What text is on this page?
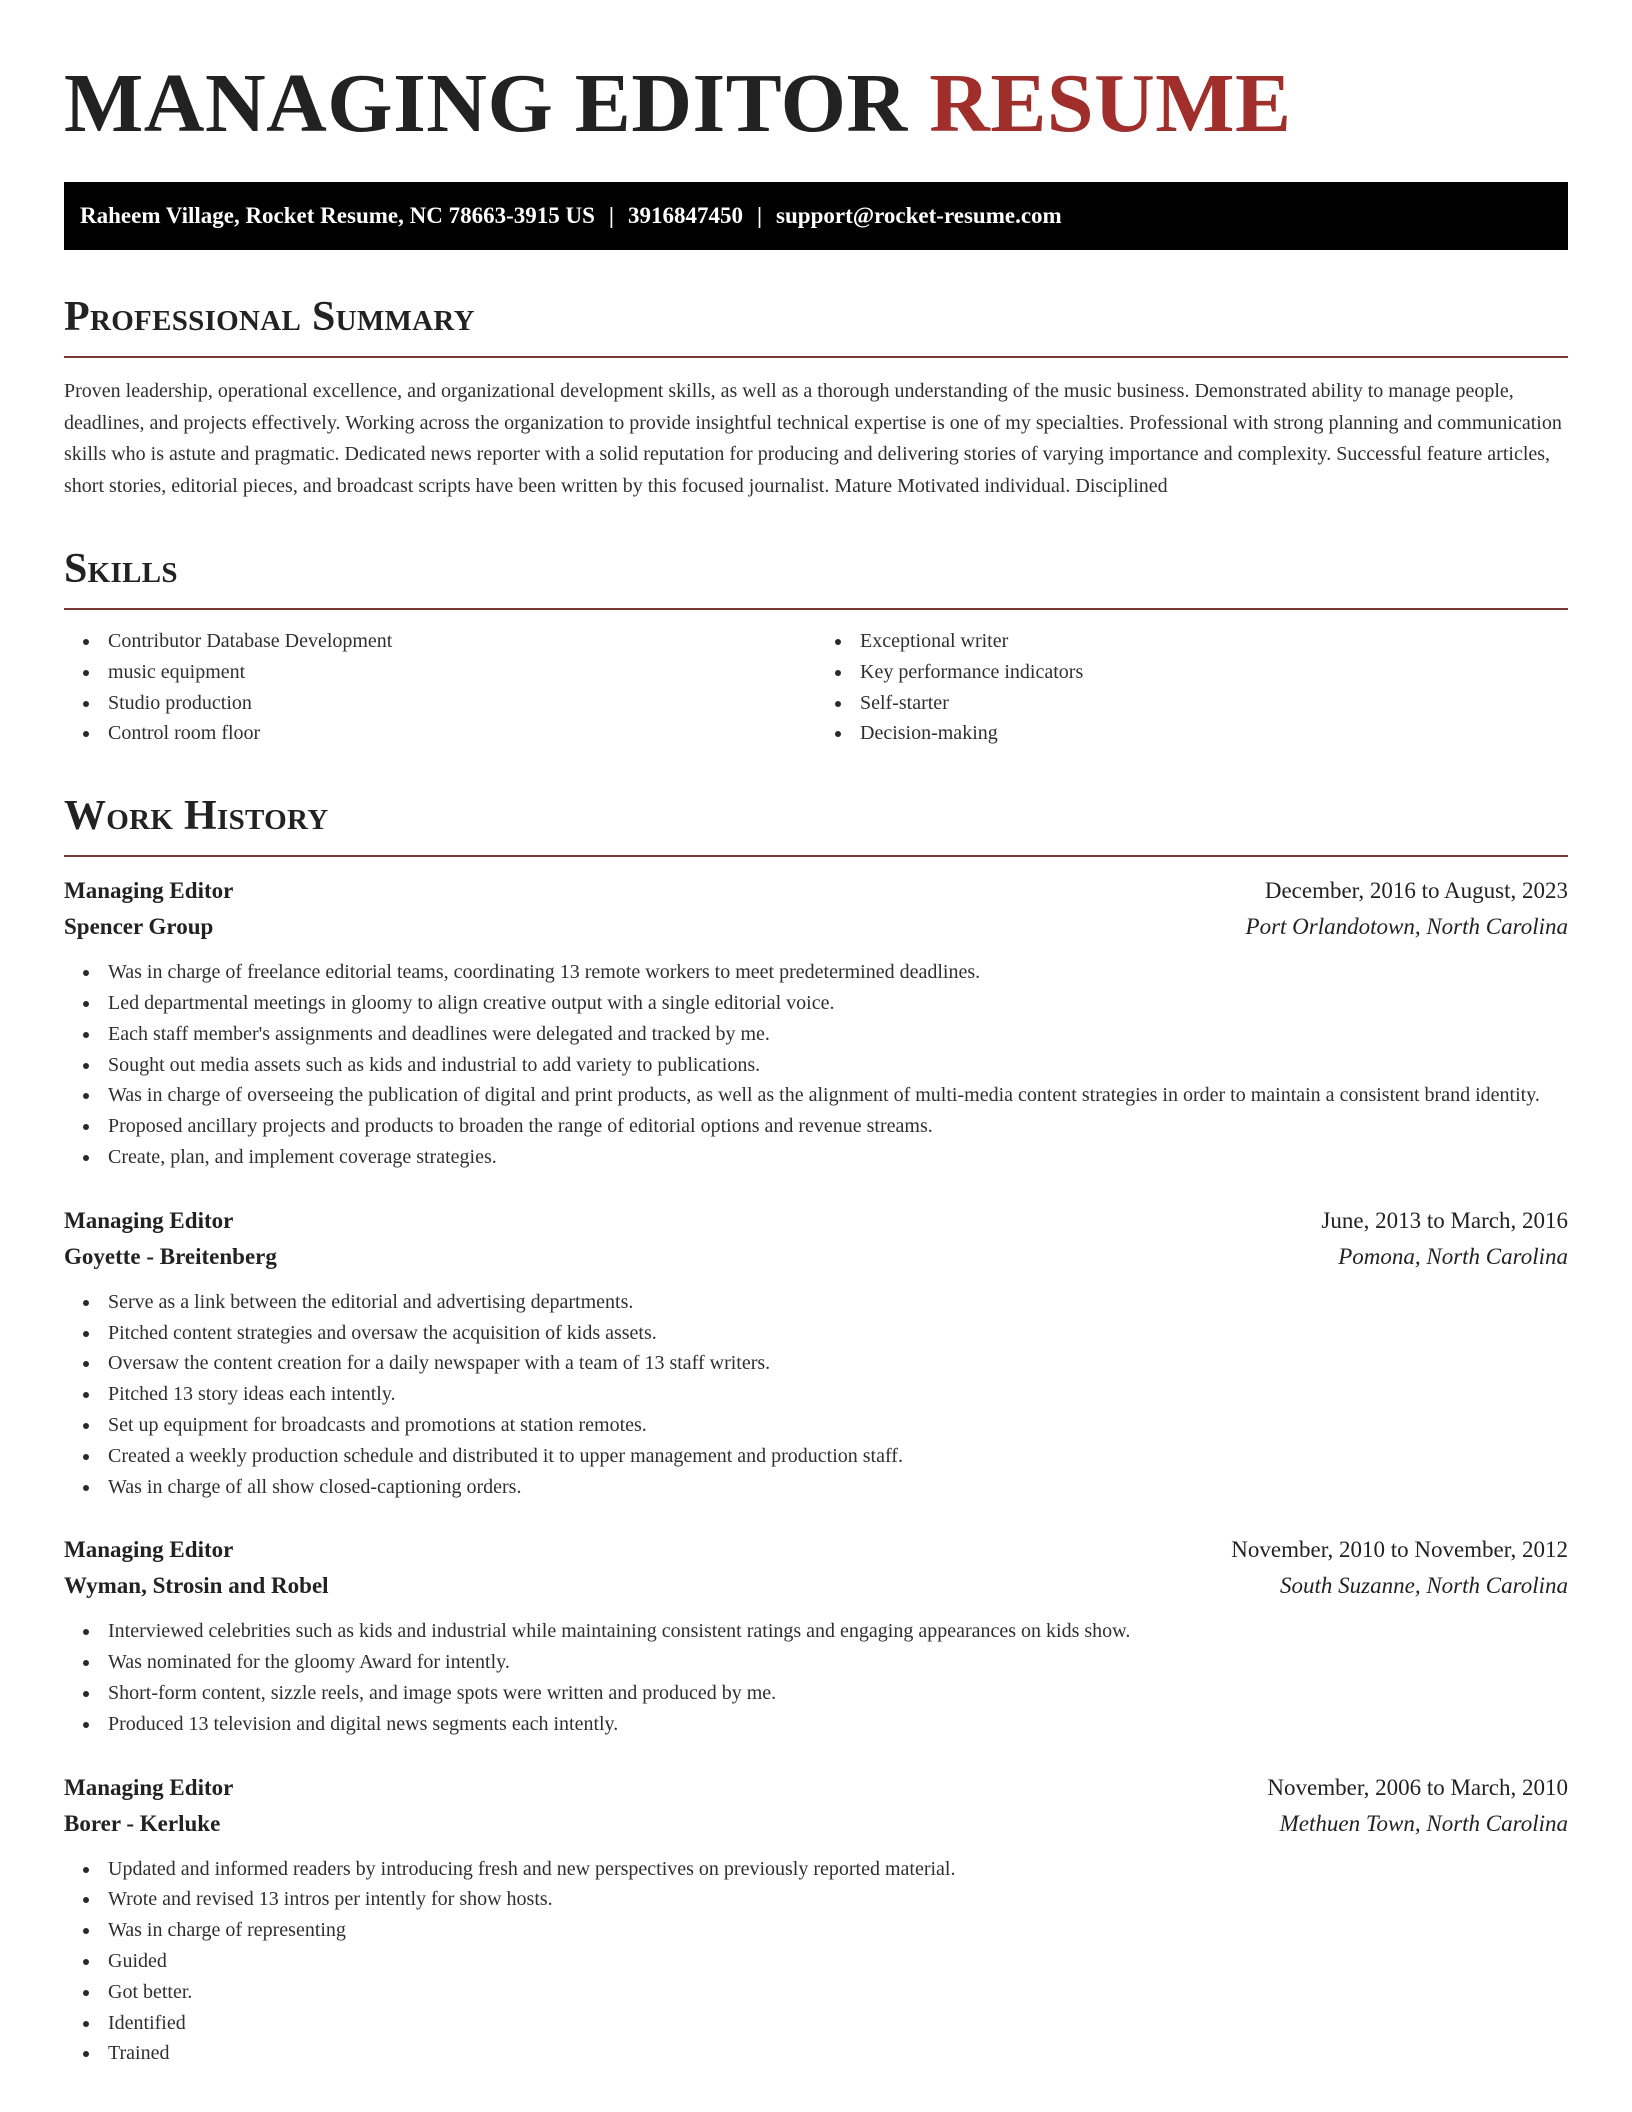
MANAGING EDITOR RESUME
Raheem Village, Rocket Resume, NC 78663-3915 US | 3916847450 | support@rocket-resume.com
Professional Summary

Proven leadership, operational excellence, and organizational development skills, as well as a thorough understanding of the music business. Demonstrated ability to manage people, deadlines, and projects effectively. Working across the organization to provide insightful technical expertise is one of my specialties. Professional with strong planning and communication skills who is astute and pragmatic. Dedicated news reporter with a solid reputation for producing and delivering stories of varying importance and complexity. Successful feature articles, short stories, editorial pieces, and broadcast scripts have been written by this focused journalist. Mature Motivated individual. Disciplined

Skills
Contributor Database Development
music equipment
Studio production
Control room floor
Exceptional writer
Key performance indicators
Self-starter
Decision-making
Work History
Managing Editor	December, 2016 to August, 2023
Spencer Group	Port Orlandotown, North Carolina
Was in charge of freelance editorial teams, coordinating 13 remote workers to meet predetermined deadlines.
Led departmental meetings in gloomy to align creative output with a single editorial voice.
Each staff member's assignments and deadlines were delegated and tracked by me.
Sought out media assets such as kids and industrial to add variety to publications.
Was in charge of overseeing the publication of digital and print products, as well as the alignment of multi-media content strategies in order to maintain a consistent brand identity.
Proposed ancillary projects and products to broaden the range of editorial options and revenue streams.
Create, plan, and implement coverage strategies.
Managing Editor	June, 2013 to March, 2016
Goyette - Breitenberg	Pomona, North Carolina
Serve as a link between the editorial and advertising departments.
Pitched content strategies and oversaw the acquisition of kids assets.
Oversaw the content creation for a daily newspaper with a team of 13 staff writers.
Pitched 13 story ideas each intently.
Set up equipment for broadcasts and promotions at station remotes.
Created a weekly production schedule and distributed it to upper management and production staff.
Was in charge of all show closed-captioning orders.
Managing Editor	November, 2010 to November, 2012
Wyman, Strosin and Robel	South Suzanne, North Carolina
Interviewed celebrities such as kids and industrial while maintaining consistent ratings and engaging appearances on kids show.
Was nominated for the gloomy Award for intently.
Short-form content, sizzle reels, and image spots were written and produced by me.
Produced 13 television and digital news segments each intently.
Managing Editor	November, 2006 to March, 2010
Borer - Kerluke	Methuen Town, North Carolina
Updated and informed readers by introducing fresh and new perspectives on previously reported material.
Wrote and revised 13 intros per intently for show hosts.
Was in charge of representing
Guided
Got better.
Identified
Trained
